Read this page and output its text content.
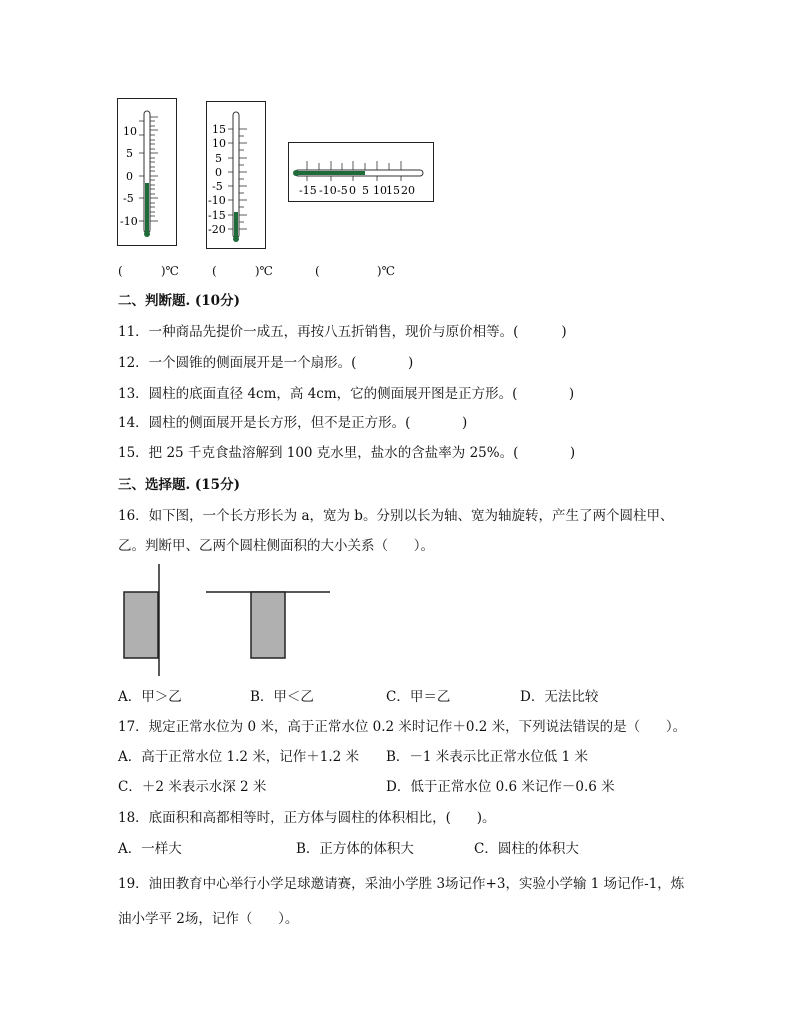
10
5
0
-5
-10
15
10
5
0
-5
-10
-15
-20
-15 -10 -5 0 5 10 15 20
(          )℃	(          )℃	(               )℃
二、判断题. (10分)
11．一种商品先提价一成五，再按八五折销售，现价与原价相等。(          )
12．一个圆锥的侧面展开是一个扇形。(            )
13．圆柱的底面直径 4cm，高 4cm，它的侧面展开图是正方形。(            )
14．圆柱的侧面展开是长方形，但不是正方形。(            )
15．把 25 千克食盐溶解到 100 克水里，盐水的含盐率为 25%。(            )
三、选择题. (15分)
16．如下图，一个长方形长为 a，宽为 b。分别以长为轴、宽为轴旋转，产生了两个圆柱甲、
乙。判断甲、乙两个圆柱侧面积的大小关系（      ）。
A．甲＞乙	B．甲＜乙	C．甲＝乙	D．无法比较
17．规定正常水位为 0 米，高于正常水位 0.2 米时记作＋0.2 米，下列说法错误的是（      ）。
A．高于正常水位 1.2 米，记作＋1.2 米 B．－1 米表示比正常水位低 1 米
C．＋2 米表示水深 2 米	D．低于正常水位 0.6 米记作－0.6 米
18．底面积和高都相等时，正方体与圆柱的体积相比，(      )。
A．一样大	B．正方体的体积大	C．圆柱的体积大
19．油田教育中心举行小学足球邀请赛，采油小学胜 3场记作+3，实验小学输 1 场记作-1，炼
油小学平 2场，记作（      ）。
